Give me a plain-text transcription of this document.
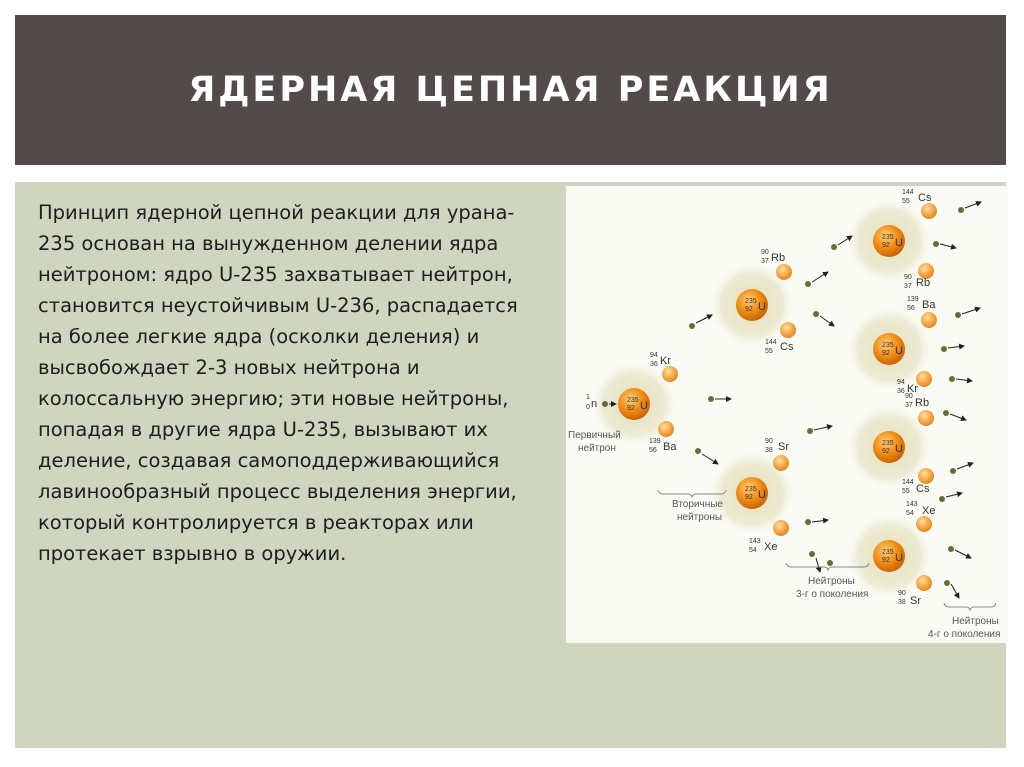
ЯДЕРНАЯ ЦЕПНАЯ РЕАКЦИЯ
Принцип ядерной цепной реакции для урана-
235 основан на вынужденном делении ядра
нейтроном: ядро U-235 захватывает нейтрон,
становится неустойчивым U-236, распадается
на более легкие ядра (осколки деления) и
высвобождает 2-3 новых нейтрона и
колоссальную энергию; эти новые нейтроны,
попадая в другие ядра U-235, вызывают их
деление, создавая самоподдерживающийся
лавинообразный процесс выделения энергии,
который контролируется в реакторах или
протекает взрывно в оружии.
1
0 n	235
92 U
94
36 Kr
139
56 Ba
235
92 U
90
37 Rb
144
55 Cs
235
92 U
90
38 Sr
143
54 Xe
235
92 U
144
55 Cs
90
37 Rb
235
92 U
139
56 Ba
94
36 Kr
235
92 U
90
37 Rb
144
55 Cs
235
92 U
143
54 Xe
90
38 Sr
Первичный
нейтрон
Вторичные
нейтроны
Нейтроны
3-г о поколения
Нейтроны
4-г о поколения
